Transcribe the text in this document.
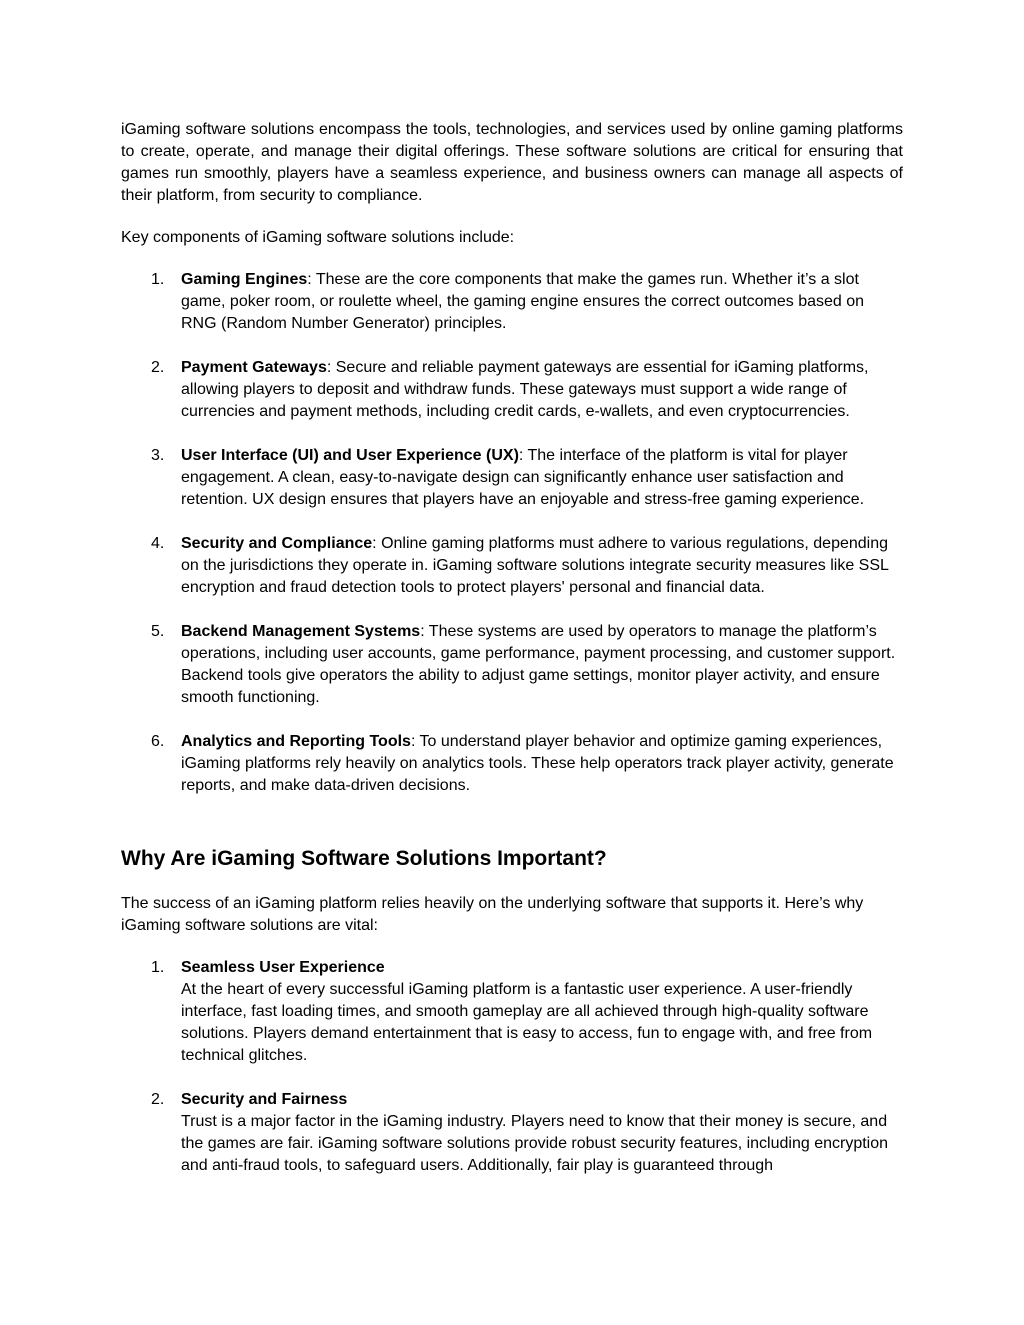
iGaming software solutions encompass the tools, technologies, and services used by online gaming platforms to create, operate, and manage their digital offerings. These software solutions are critical for ensuring that games run smoothly, players have a seamless experience, and business owners can manage all aspects of their platform, from security to compliance.

Key components of iGaming software solutions include:

1. Gaming Engines: These are the core components that make the games run. Whether it’s a slot game, poker room, or roulette wheel, the gaming engine ensures the correct outcomes based on RNG (Random Number Generator) principles.
2. Payment Gateways: Secure and reliable payment gateways are essential for iGaming platforms, allowing players to deposit and withdraw funds. These gateways must support a wide range of currencies and payment methods, including credit cards, e-wallets, and even cryptocurrencies.
3. User Interface (UI) and User Experience (UX): The interface of the platform is vital for player engagement. A clean, easy-to-navigate design can significantly enhance user satisfaction and retention. UX design ensures that players have an enjoyable and stress-free gaming experience.
4. Security and Compliance: Online gaming platforms must adhere to various regulations, depending on the jurisdictions they operate in. iGaming software solutions integrate security measures like SSL encryption and fraud detection tools to protect players' personal and financial data.
5. Backend Management Systems: These systems are used by operators to manage the platform’s operations, including user accounts, game performance, payment processing, and customer support. Backend tools give operators the ability to adjust game settings, monitor player activity, and ensure smooth functioning.
6. Analytics and Reporting Tools: To understand player behavior and optimize gaming experiences, iGaming platforms rely heavily on analytics tools. These help operators track player activity, generate reports, and make data-driven decisions.
Why Are iGaming Software Solutions Important?

The success of an iGaming platform relies heavily on the underlying software that supports it. Here’s why iGaming software solutions are vital:

1. Seamless User Experience
At the heart of every successful iGaming platform is a fantastic user experience. A user-friendly interface, fast loading times, and smooth gameplay are all achieved through high-quality software solutions. Players demand entertainment that is easy to access, fun to engage with, and free from technical glitches.
2. Security and Fairness
Trust is a major factor in the iGaming industry. Players need to know that their money is secure, and the games are fair. iGaming software solutions provide robust security features, including encryption and anti-fraud tools, to safeguard users. Additionally, fair play is guaranteed through
